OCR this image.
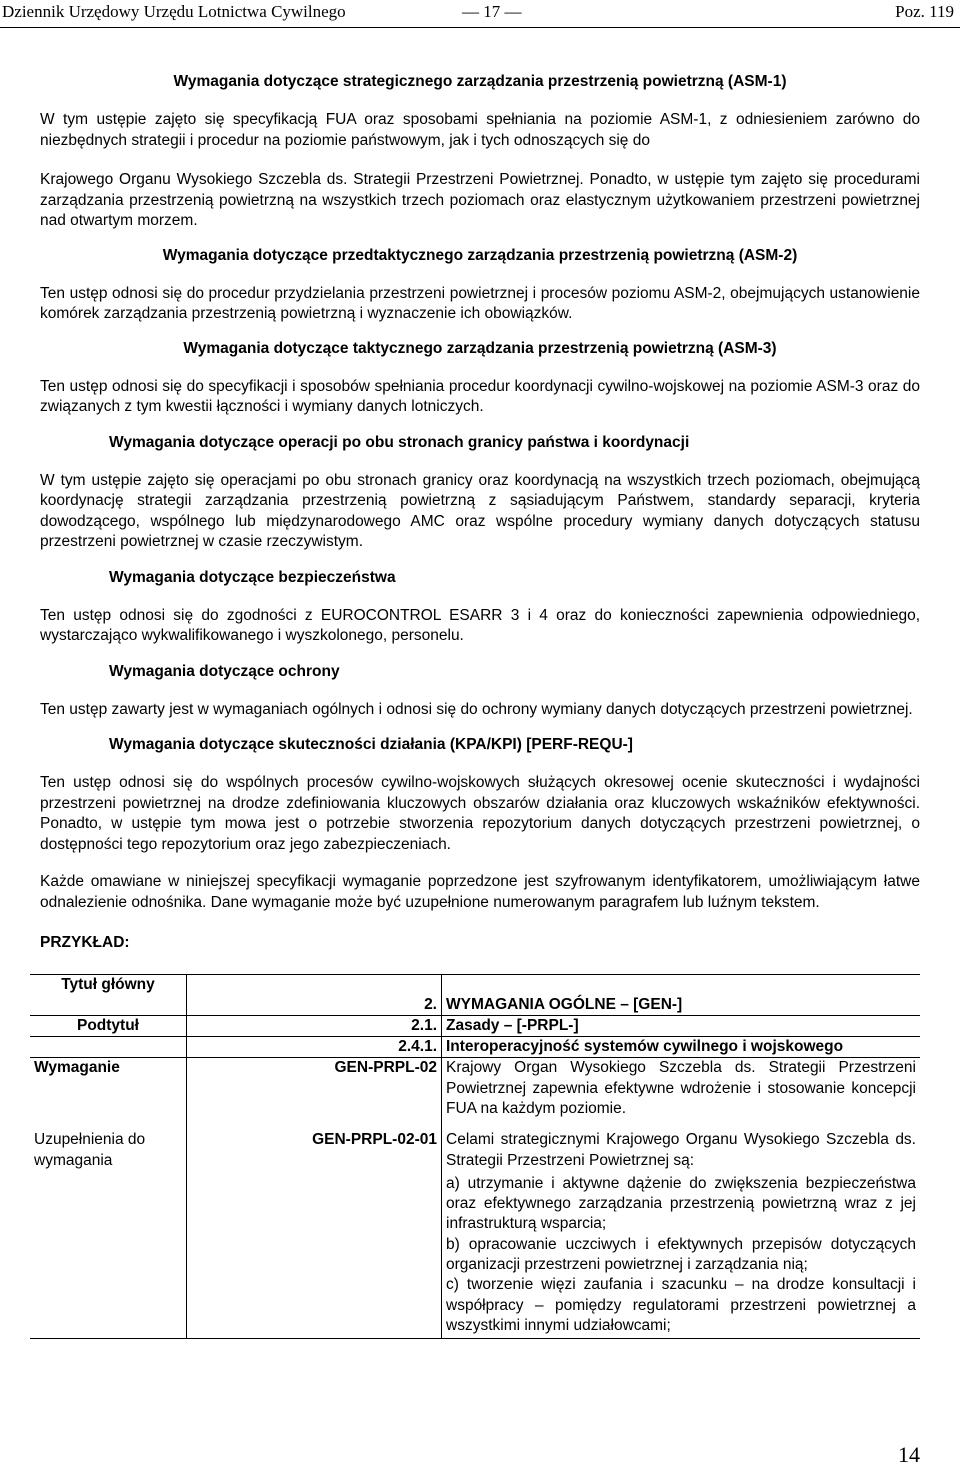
Dziennik Urzędowy Urzędu Lotnictwa Cywilnego	— 17 —	Poz. 119
Wymagania dotyczące strategicznego zarządzania przestrzenią powietrzną (ASM-1)

W tym ustępie zajęto się specyfikacją FUA oraz sposobami spełniania na poziomie ASM-1, z odniesieniem zarówno do niezbędnych strategii i procedur na poziomie państwowym, jak i tych odnoszących się do

Krajowego Organu Wysokiego Szczebla ds. Strategii Przestrzeni Powietrznej. Ponadto, w ustępie tym zajęto się procedurami zarządzania przestrzenią powietrzną na wszystkich trzech poziomach oraz elastycznym użytkowaniem przestrzeni powietrznej nad otwartym morzem.

Wymagania dotyczące przedtaktycznego zarządzania przestrzenią powietrzną (ASM-2)

Ten ustęp odnosi się do procedur przydzielania przestrzeni powietrznej i procesów poziomu ASM-2, obejmujących ustanowienie komórek zarządzania przestrzenią powietrzną i wyznaczenie ich obowiązków.

Wymagania dotyczące taktycznego zarządzania przestrzenią powietrzną (ASM-3)

Ten ustęp odnosi się do specyfikacji i sposobów spełniania procedur koordynacji cywilno-wojskowej na poziomie ASM-3 oraz do związanych z tym kwestii łączności i wymiany danych lotniczych.

Wymagania dotyczące operacji po obu stronach granicy państwa i koordynacji

W tym ustępie zajęto się operacjami po obu stronach granicy oraz koordynacją na wszystkich trzech poziomach, obejmującą koordynację strategii zarządzania przestrzenią powietrzną z sąsiadującym Państwem, standardy separacji, kryteria dowodzącego, wspólnego lub międzynarodowego AMC oraz wspólne procedury wymiany danych dotyczących statusu przestrzeni powietrznej w czasie rzeczywistym.

Wymagania dotyczące bezpieczeństwa

Ten ustęp odnosi się do zgodności z EUROCONTROL ESARR 3 i 4 oraz do konieczności zapewnienia odpowiedniego, wystarczająco wykwalifikowanego i wyszkolonego, personelu.

Wymagania dotyczące ochrony

Ten ustęp zawarty jest w wymaganiach ogólnych i odnosi się do ochrony wymiany danych dotyczących przestrzeni powietrznej.

Wymagania dotyczące skuteczności działania (KPA/KPI) [PERF-REQU-]

Ten ustęp odnosi się do wspólnych procesów cywilno-wojskowych służących okresowej ocenie skuteczności i wydajności przestrzeni powietrznej na drodze zdefiniowania kluczowych obszarów działania oraz kluczowych wskaźników efektywności. Ponadto, w ustępie tym mowa jest o potrzebie stworzenia repozytorium danych dotyczących przestrzeni powietrznej, o dostępności tego repozytorium oraz jego zabezpieczeniach.

Każde omawiane w niniejszej specyfikacji wymaganie poprzedzone jest szyfrowanym identyfikatorem, umożliwiającym łatwe odnalezienie odnośnika. Dane wymaganie może być uzupełnione numerowanym paragrafem lub luźnym tekstem.

PRZYKŁAD:

Tytuł główny	2.	WYMAGANIA OGÓLNE – [GEN-]
Podtytuł	2.1.	Zasady – [-PRPL-]
	2.4.1.	Interoperacyjność systemów cywilnego i wojskowego
Wymaganie	GEN-PRPL-02	Krajowy Organ Wysokiego Szczebla ds. Strategii Przestrzeni Powietrznej zapewnia efektywne wdrożenie i stosowanie koncepcji FUA na każdym poziomie.
Uzupełnienia do wymagania	GEN-PRPL-02-01	Celami strategicznymi Krajowego Organu Wysokiego Szczebla ds. Strategii Przestrzeni Powietrznej są:
a) utrzymanie i aktywne dążenie do zwiększenia bezpieczeństwa oraz efektywnego zarządzania przestrzenią powietrzną wraz z jej infrastrukturą wsparcia;
b) opracowanie uczciwych i efektywnych przepisów dotyczących organizacji przestrzeni powietrznej i zarządzania nią;
c) tworzenie więzi zaufania i szacunku – na drodze konsultacji i współpracy – pomiędzy regulatorami przestrzeni powietrznej a wszystkimi innymi udziałowcami;
14
